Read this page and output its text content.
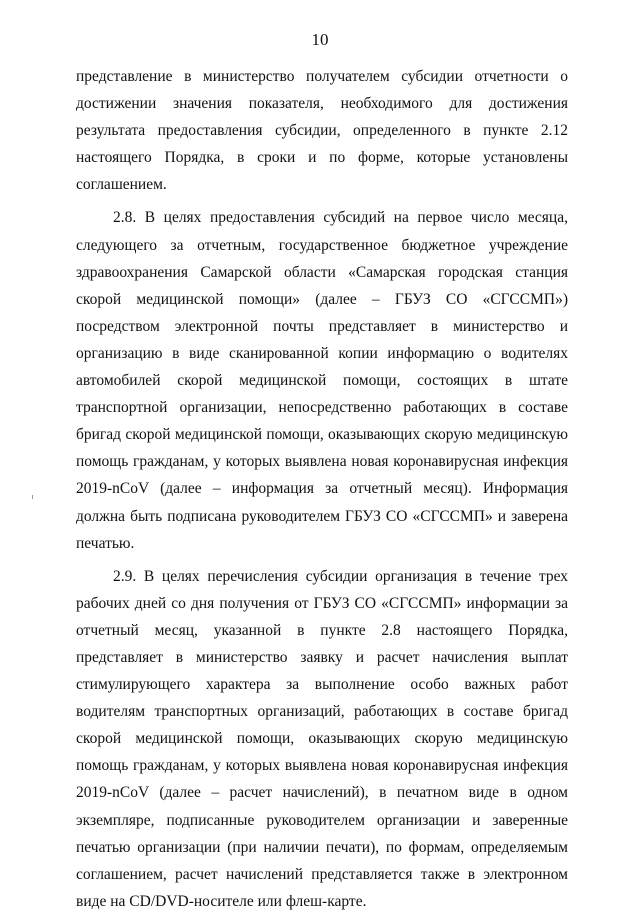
10

представление в министерство получателем субсидии отчетности о достижении значения показателя, необходимого для достижения результата предоставления субсидии, определенного в пункте 2.12 настоящего Порядка, в сроки и по форме, которые установлены соглашением.

2.8. В целях предоставления субсидий на первое число месяца, следующего за отчетным, государственное бюджетное учреждение здравоохранения Самарской области «Самарская городская станция скорой медицинской помощи» (далее – ГБУЗ СО «СГССМП») посредством электронной почты представляет в министерство и организацию в виде сканированной копии информацию о водителях автомобилей скорой медицинской помощи, состоящих в штате транспортной организации, непосредственно работающих в составе бригад скорой медицинской помощи, оказывающих скорую медицинскую помощь гражданам, у которых выявлена новая коронавирусная инфекция 2019-nCoV (далее – информация за отчетный месяц). Информация должна быть подписана руководителем ГБУЗ СО «СГССМП» и заверена печатью.

2.9. В целях перечисления субсидии организация в течение трех рабочих дней со дня получения от ГБУЗ СО «СГССМП» информации за отчетный месяц, указанной в пункте 2.8 настоящего Порядка, представляет в министерство заявку и расчет начисления выплат стимулирующего характера за выполнение особо важных работ водителям транспортных организаций, работающих в составе бригад скорой медицинской помощи, оказывающих скорую медицинскую помощь гражданам, у которых выявлена новая коронавирусная инфекция 2019-nCoV (далее – расчет начислений), в печатном виде в одном экземпляре, подписанные руководителем организации и заверенные печатью организации (при наличии печати), по формам, определяемым соглашением, расчет начислений представляется также в электронном виде на CD/DVD-носителе или флеш-карте.
